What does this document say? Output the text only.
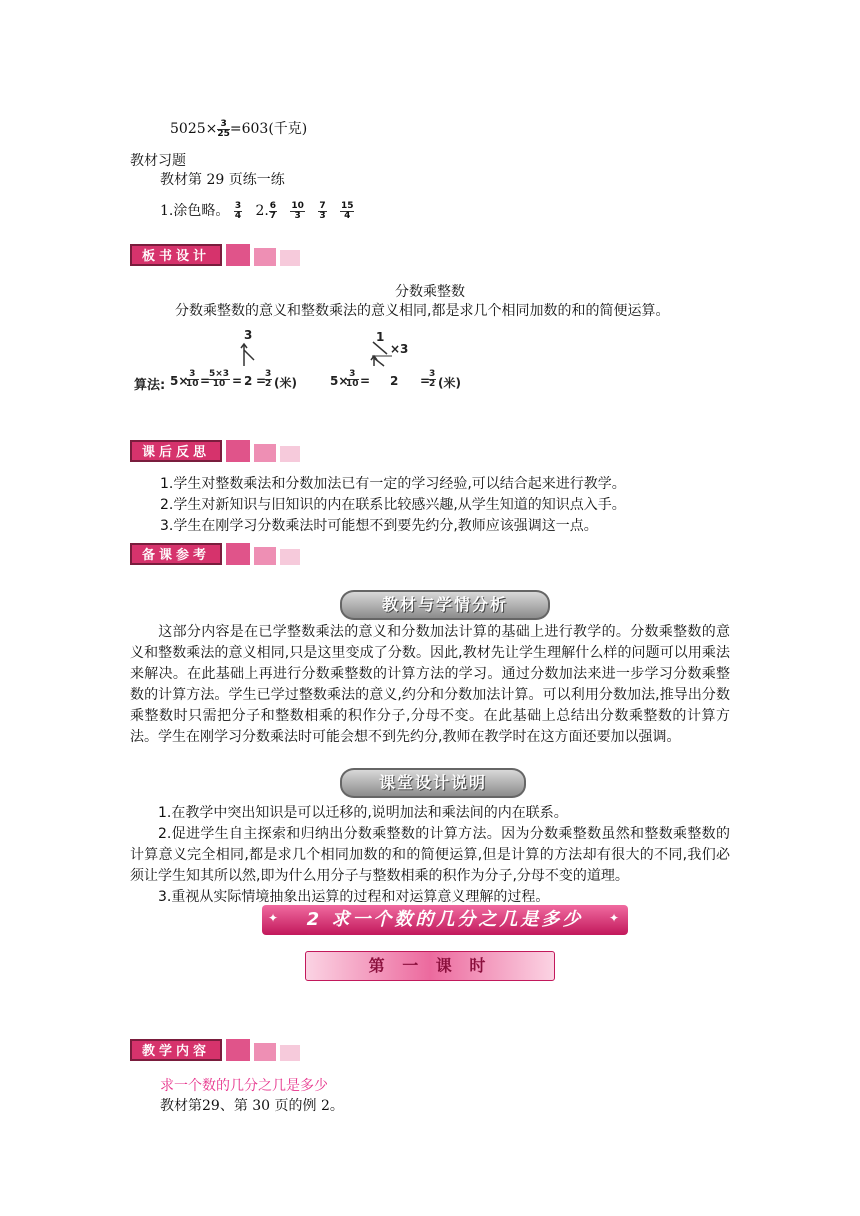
$5025\times \frac{3}{25} =603$(千克)
教材习题
教材第 29 页练一练
1.涂色略。 $\frac{3}{4} 2$. $\frac{6}{7}$
$\frac{10}{3}$
$\frac{7}{3}$
$\frac{15}{4}$
板书设计
分数乘整数
分数乘整数的意义和整数乘法的意义相同,都是求几个相同加数的和的简便运算。
算法: 5×
$\frac{3}{10}$ =
$\frac{5\times 3}{10}$ =
3
2 =
$\frac{3}{2}$ (米)	5×
$\frac{3}{10}$ =
1
×3
2 =
$\frac{3}{2}$ (米)
课后反思
1.学生对整数乘法和分数加法已有一定的学习经验,可以结合起来进行教学。
2.学生对新知识与旧知识的内在联系比较感兴趣,从学生知道的知识点入手。
3.学生在刚学习分数乘法时可能想不到要先约分,教师应该强调这一点。
备课参考
教材与学情分析
这部分内容是在已学整数乘法的意义和分数加法计算的基础上进行教学的。分数乘整数的意义和整数乘法的意义相同,只是这里变成了分数。因此,教材先让学生理解什么样的问题可以用乘法来解决。在此基础上再进行分数乘整数的计算方法的学习。通过分数加法来进一步学习分数乘整数的计算方法。学生已学过整数乘法的意义,约分和分数加法计算。可以利用分数加法,推导出分数乘整数时只需把分子和整数相乘的积作分子,分母不变。在此基础上总结出分数乘整数的计算方法。学生在刚学习分数乘法时可能会想不到先约分,教师在教学时在这方面还要加以强调。
课堂设计说明
1.在教学中突出知识是可以迁移的,说明加法和乘法间的内在联系。
2.促进学生自主探索和归纳出分数乘整数的计算方法。因为分数乘整数虽然和整数乘整数的计算意义完全相同,都是求几个相同加数的和的简便运算,但是计算的方法却有很大的不同,我们必须让学生知其所以然,即为什么用分子与整数相乘的积作为分子,分母不变的道理。
3.重视从实际情境抽象出运算的过程和对运算意义理解的过程。
✦ 2 求一个数的几分之几是多少 ✦
第 一 课 时
教学内容
求一个数的几分之几是多少
教材第29、第 30 页的例 2。
